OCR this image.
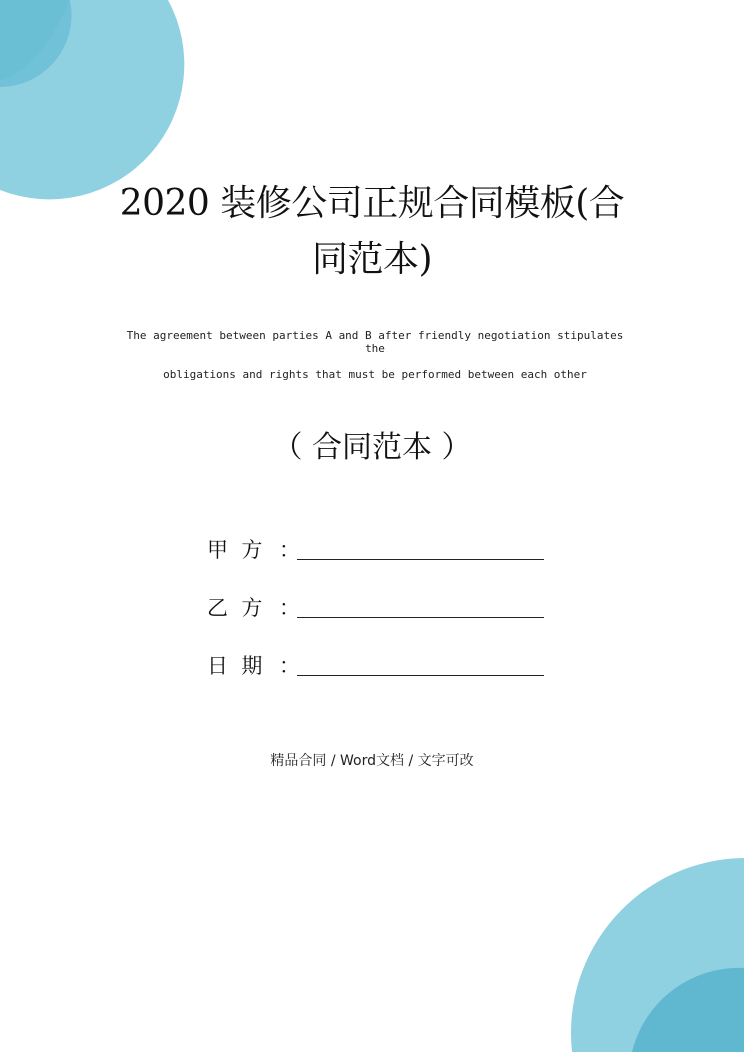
2020 装修公司正规合同模板(合
同范本)
The agreement between parties A and B after friendly negotiation stipulates the
obligations and rights that must be performed between each other
（ 合同范本 ）
甲  方 ：
乙  方 ：
日  期 ：
精品合同 / Word文档 / 文字可改
